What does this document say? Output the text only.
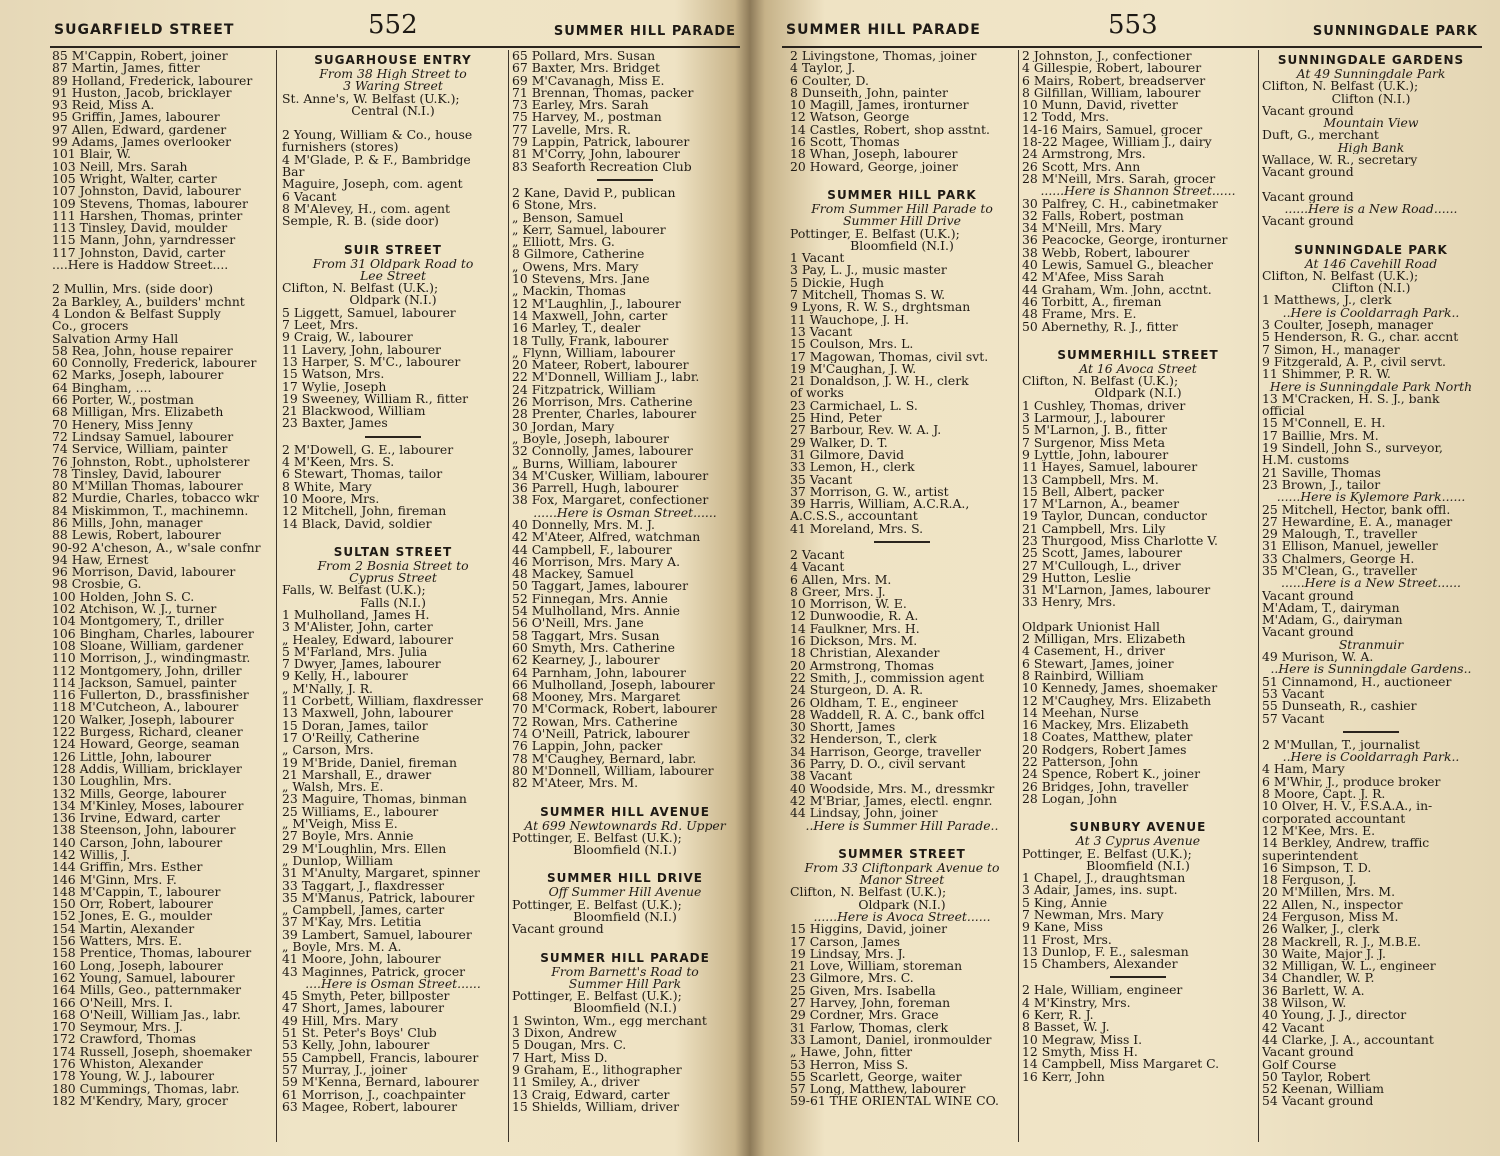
SUGARFIELD STREET	552	SUMMER HILL PARADE
85 M'Cappin, Robert, joiner
87 Martin, James, fitter
89 Holland, Frederick, labourer
91 Huston, Jacob, bricklayer
93 Reid, Miss A.
95 Griffin, James, labourer
97 Allen, Edward, gardener
99 Adams, James overlooker
101 Blair, W.
103 Neill, Mrs. Sarah
105 Wright, Walter, carter
107 Johnston, David, labourer
109 Stevens, Thomas, labourer
111 Harshen, Thomas, printer
113 Tinsley, David, moulder
115 Mann, John, yarndresser
117 Johnston, David, carter
....Here is Haddow Street....
2 Mullin, Mrs. (side door)
2a Barkley, A., builders' mchnt
4 London & Belfast Supply
Co., grocers
Salvation Army Hall
58 Rea, John, house repairer
60 Connolly, Frederick, labourer
62 Marks, Joseph, labourer
64 Bingham, ....
66 Porter, W., postman
68 Milligan, Mrs. Elizabeth
70 Henery, Miss Jenny
72 Lindsay Samuel, labourer
74 Service, William, painter
76 Johnston, Robt., upholsterer
78 Tinsley, David, labourer
80 M'Millan Thomas, labourer
82 Murdie, Charles, tobacco wkr
84 Miskimmon, T., machinemn.
86 Mills, John, manager
88 Lewis, Robert, labourer
90-92 A'cheson, A., w'sale confnr
94 Haw, Ernest
96 Morrison, David, labourer
98 Crosbie, G.
100 Holden, John S. C.
102 Atchison, W. J., turner
104 Montgomery, T., driller
106 Bingham, Charles, labourer
108 Sloane, William, gardener
110 Morrison, J., windingmastr.
112 Montgomery, John, driller
114 Jackson, Samuel, painter
116 Fullerton, D., brassfinisher
118 M'Cutcheon, A., labourer
120 Walker, Joseph, labourer
122 Burgess, Richard, cleaner
124 Howard, George, seaman
126 Little, John, labourer
128 Addis, William, bricklayer
130 Loughlin, Mrs.
132 Mills, George, labourer
134 M'Kinley, Moses, labourer
136 Irvine, Edward, carter
138 Steenson, John, labourer
140 Carson, John, labourer
142 Willis, J.
144 Griffin, Mrs. Esther
146 M'Ginn, Mrs. F.
148 M'Cappin, T., labourer
150 Orr, Robert, labourer
152 Jones, E. G., moulder
154 Martin, Alexander
156 Watters, Mrs. E.
158 Prentice, Thomas, labourer
160 Long, Joseph, labourer
162 Young, Samuel, labourer
164 Mills, Geo., patternmaker
166 O'Neill, Mrs. I.
168 O'Neill, William Jas., labr.
170 Seymour, Mrs. J.
172 Crawford, Thomas
174 Russell, Joseph, shoemaker
176 Whiston, Alexander
178 Young, W. J., labourer
180 Cummings, Thomas, labr.
182 M'Kendry, Mary, grocer
SUGARHOUSE ENTRY
From 38 High Street to
3 Waring Street
St. Anne's, W. Belfast (U.K.);
Central (N.I.)
2 Young, William & Co., house
furnishers (stores)
4 M'Glade, P. & F., Bambridge
Bar
Maguire, Joseph, com. agent
6 Vacant
8 M'Alevey, H., com. agent
Semple, R. B. (side door)
SUIR STREET
From 31 Oldpark Road to
Lee Street
Clifton, N. Belfast (U.K.);
Oldpark (N.I.)
5 Liggett, Samuel, labourer
7 Leet, Mrs.
9 Craig, W., labourer
11 Lavery, John, labourer
13 Harper, S. M'C., labourer
15 Watson, Mrs.
17 Wylie, Joseph
19 Sweeney, William R., fitter
21 Blackwood, William
23 Baxter, James
2 M'Dowell, G. E., labourer
4 M'Keen, Mrs. S.
6 Stewart, Thomas, tailor
8 White, Mary
10 Moore, Mrs.
12 Mitchell, John, fireman
14 Black, David, soldier
SULTAN STREET
From 2 Bosnia Street to
Cyprus Street
Falls, W. Belfast (U.K.);
Falls (N.I.)
1 Mulholland, James H.
3 M'Alister, John, carter
„ Healey, Edward, labourer
5 M'Farland, Mrs. Julia
7 Dwyer, James, labourer
9 Kelly, H., labourer
„ M'Nally, J. R.
11 Corbett, William, flaxdresser
13 Maxwell, John, labourer
15 Doran, James, tailor
17 O'Reilly, Catherine
„ Carson, Mrs.
19 M'Bride, Daniel, fireman
21 Marshall, E., drawer
„ Walsh, Mrs. E.
23 Maguire, Thomas, binman
25 Williams, E., labourer
„ M'Veigh, Miss E.
27 Boyle, Mrs. Annie
29 M'Loughlin, Mrs. Ellen
„ Dunlop, William
31 M'Anulty, Margaret, spinner
33 Taggart, J., flaxdresser
35 M'Manus, Patrick, labourer
„ Campbell, James, carter
37 M'Kay, Mrs. Letitia
39 Lambert, Samuel, labourer
„ Boyle, Mrs. M. A.
41 Moore, John, labourer
43 Maginnes, Patrick, grocer
....Here is Osman Street......
45 Smyth, Peter, billposter
47 Short, James, labourer
49 Hill, Mrs. Mary
51 St. Peter's Boys' Club
53 Kelly, John, labourer
55 Campbell, Francis, labourer
57 Murray, J., joiner
59 M'Kenna, Bernard, labourer
61 Morrison, J., coachpainter
63 Magee, Robert, labourer
65 Pollard, Mrs. Susan
67 Baxter, Mrs. Bridget
69 M'Cavanagh, Miss E.
71 Brennan, Thomas, packer
73 Earley, Mrs. Sarah
75 Harvey, M., postman
77 Lavelle, Mrs. R.
79 Lappin, Patrick, labourer
81 M'Corry, John, labourer
83 Seaforth Recreation Club
2 Kane, David P., publican
6 Stone, Mrs.
„ Benson, Samuel
„ Kerr, Samuel, labourer
„ Elliott, Mrs. G.
8 Gilmore, Catherine
„ Owens, Mrs. Mary
10 Stevens, Mrs. Jane
„ Mackin, Thomas
12 M'Laughlin, J., labourer
14 Maxwell, John, carter
16 Marley, T., dealer
18 Tully, Frank, labourer
„ Flynn, William, labourer
20 Mateer, Robert, labourer
22 M'Donnell, William J., labr.
24 Fitzpatrick, William
26 Morrison, Mrs. Catherine
28 Prenter, Charles, labourer
30 Jordan, Mary
„ Boyle, Joseph, labourer
32 Connolly, James, labourer
„ Burns, William, labourer
34 M'Cusker, William, labourer
36 Parrell, Hugh, labourer
38 Fox, Margaret, confectioner
......Here is Osman Street......
40 Donnelly, Mrs. M. J.
42 M'Ateer, Alfred, watchman
44 Campbell, F., labourer
46 Morrison, Mrs. Mary A.
48 Mackey, Samuel
50 Taggart, James, labourer
52 Finnegan, Mrs. Annie
54 Mulholland, Mrs. Annie
56 O'Neill, Mrs. Jane
58 Taggart, Mrs. Susan
60 Smyth, Mrs. Catherine
62 Kearney, J., labourer
64 Parnham, John, labourer
66 Mulholland, Joseph, labourer
68 Mooney, Mrs. Margaret
70 M'Cormack, Robert, labourer
72 Rowan, Mrs. Catherine
74 O'Neill, Patrick, labourer
76 Lappin, John, packer
78 M'Caughey, Bernard, labr.
80 M'Donnell, William, labourer
82 M'Ateer, Mrs. M.
SUMMER HILL AVENUE
At 699 Newtownards Rd. Upper
Pottinger, E. Belfast (U.K.);
Bloomfield (N.I.)
SUMMER HILL DRIVE
Off Summer Hill Avenue
Pottinger, E. Belfast (U.K.);
Bloomfield (N.I.)
Vacant ground
SUMMER HILL PARADE
From Barnett's Road to
Summer Hill Park
Pottinger, E. Belfast (U.K.);
Bloomfield (N.I.)
1 Swinton, Wm., egg merchant
3 Dixon, Andrew
5 Dougan, Mrs. C.
7 Hart, Miss D.
9 Graham, E., lithographer
11 Smiley, A., driver
13 Craig, Edward, carter
15 Shields, William, driver
SUMMER HILL PARADE	553	SUNNINGDALE PARK
2 Livingstone, Thomas, joiner
4 Taylor, J.
6 Coulter, D.
8 Dunseith, John, painter
10 Magill, James, ironturner
12 Watson, George
14 Castles, Robert, shop asstnt.
16 Scott, Thomas
18 Whan, Joseph, labourer
20 Howard, George, joiner
SUMMER HILL PARK
From Summer Hill Parade to
Summer Hill Drive
Pottinger, E. Belfast (U.K.);
Bloomfield (N.I.)
1 Vacant
3 Pay, L. J., music master
5 Dickie, Hugh
7 Mitchell, Thomas S. W.
9 Lyons, R. W. S., drghtsman
11 Wauchope, J. H.
13 Vacant
15 Coulson, Mrs. L.
17 Magowan, Thomas, civil svt.
19 M'Caughan, J. W.
21 Donaldson, J. W. H., clerk
of works
23 Carmichael, L. S.
25 Hind, Peter
27 Barbour, Rev. W. A. J.
29 Walker, D. T.
31 Gilmore, David
33 Lemon, H., clerk
35 Vacant
37 Morrison, G. W., artist
39 Harris, William, A.C.R.A.,
A.C.S.S., accountant
41 Moreland, Mrs. S.
2 Vacant
4 Vacant
6 Allen, Mrs. M.
8 Greer, Mrs. J.
10 Morrison, W. E.
12 Dunwoodie, R. A.
14 Faulkner, Mrs. H.
16 Dickson, Mrs. M.
18 Christian, Alexander
20 Armstrong, Thomas
22 Smith, J., commission agent
24 Sturgeon, D. A. R.
26 Oldham, T. E., engineer
28 Waddell, R. A. C., bank offcl
30 Shortt, James
32 Henderson, T., clerk
34 Harrison, George, traveller
36 Parry, D. O., civil servant
38 Vacant
40 Woodside, Mrs. M., dressmkr
42 M'Briar, James, electl. engnr.
44 Lindsay, John, joiner
..Here is Summer Hill Parade..
SUMMER STREET
From 33 Cliftonpark Avenue to
Manor Street
Clifton, N. Belfast (U.K.);
Oldpark (N.I.)
......Here is Avoca Street......
15 Higgins, David, joiner
17 Carson, James
19 Lindsay, Mrs. J.
21 Love, William, storeman
23 Gilmore, Mrs. C.
25 Given, Mrs. Isabella
27 Harvey, John, foreman
29 Cordner, Mrs. Grace
31 Farlow, Thomas, clerk
33 Lamont, Daniel, ironmoulder
„ Hawe, John, fitter
53 Herron, Miss S.
55 Scarlett, George, waiter
57 Long, Matthew, labourer
59-61 THE ORIENTAL WINE CO.
2 Johnston, J., confectioner
4 Gillespie, Robert, labourer
6 Mairs, Robert, breadserver
8 Gilfillan, William, labourer
10 Munn, David, rivetter
12 Todd, Mrs.
14-16 Mairs, Samuel, grocer
18-22 Magee, William J., dairy
24 Armstrong, Mrs.
26 Scott, Mrs. Ann
28 M'Neill, Mrs. Sarah, grocer
......Here is Shannon Street......
30 Palfrey, C. H., cabinetmaker
32 Falls, Robert, postman
34 M'Neill, Mrs. Mary
36 Peacocke, George, ironturner
38 Webb, Robert, labourer
40 Lewis, Samuel G., bleacher
42 M'Afee, Miss Sarah
44 Graham, Wm. John, acctnt.
46 Torbitt, A., fireman
48 Frame, Mrs. E.
50 Abernethy, R. J., fitter
SUMMERHILL STREET
At 16 Avoca Street
Clifton, N. Belfast (U.K.);
Oldpark (N.I.)
1 Cushley, Thomas, driver
3 Larmour, J., labourer
5 M'Larnon, J. B., fitter
7 Surgenor, Miss Meta
9 Lyttle, John, labourer
11 Hayes, Samuel, labourer
13 Campbell, Mrs. M.
15 Bell, Albert, packer
17 M'Larnon, A., beamer
19 Taylor, Duncan, conductor
21 Campbell, Mrs. Lily
23 Thurgood, Miss Charlotte V.
25 Scott, James, labourer
27 M'Cullough, L., driver
29 Hutton, Leslie
31 M'Larnon, James, labourer
33 Henry, Mrs.
Oldpark Unionist Hall
2 Milligan, Mrs. Elizabeth
4 Casement, H., driver
6 Stewart, James, joiner
8 Rainbird, William
10 Kennedy, James, shoemaker
12 M'Caughey, Mrs. Elizabeth
14 Meehan, Nurse
16 Mackey, Mrs. Elizabeth
18 Coates, Matthew, plater
20 Rodgers, Robert James
22 Patterson, John
24 Spence, Robert K., joiner
26 Bridges, John, traveller
28 Logan, John
SUNBURY AVENUE
At 3 Cyprus Avenue
Pottinger, E. Belfast (U.K.);
Bloomfield (N.I.)
1 Chapel, J., draughtsman
3 Adair, James, ins. supt.
5 King, Annie
7 Newman, Mrs. Mary
9 Kane, Miss
11 Frost, Mrs.
13 Dunlop, F. E., salesman
15 Chambers, Alexander
2 Hale, William, engineer
4 M'Kinstry, Mrs.
6 Kerr, R. J.
8 Basset, W. J.
10 Megraw, Miss I.
12 Smyth, Miss H.
14 Campbell, Miss Margaret C.
16 Kerr, John
SUNNINGDALE GARDENS
At 49 Sunningdale Park
Clifton, N. Belfast (U.K.);
Clifton (N.I.)
Vacant ground
Mountain View
Duft, G., merchant
High Bank
Wallace, W. R., secretary
Vacant ground
Vacant ground
......Here is a New Road......
Vacant ground
SUNNINGDALE PARK
At 146 Cavehill Road
Clifton, N. Belfast (U.K.);
Clifton (N.I.)
1 Matthews, J., clerk
..Here is Cooldarragh Park..
3 Coulter, Joseph, manager
5 Henderson, R. G., char. accnt
7 Simon, H., manager
9 Fitzgerald, A. P., civil servt.
11 Shimmer, P. R. W.
Here is Sunningdale Park North
13 M'Cracken, H. S. J., bank
official
15 M'Connell, E. H.
17 Baillie, Mrs. M.
19 Sindell, John S., surveyor,
H.M. customs
21 Saville, Thomas
23 Brown, J., tailor
......Here is Kylemore Park......
25 Mitchell, Hector, bank offl.
27 Hewardine, E. A., manager
29 Malough, T., traveller
31 Ellison, Manuel, jeweller
33 Chalmers, George H.
35 M'Clean, G., traveller
......Here is a New Street......
Vacant ground
M'Adam, T., dairyman
M'Adam, G., dairyman
Vacant ground
Stranmuir
49 Murison, W. A.
..Here is Sunningdale Gardens..
51 Cinnamond, H., auctioneer
53 Vacant
55 Dunseath, R., cashier
57 Vacant
2 M'Mullan, T., journalist
..Here is Cooldarragh Park..
4 Ham, Mary
6 M'Whir, J., produce broker
8 Moore, Capt. J. R.
10 Olver, H. V., F.S.A.A., in-
corporated accountant
12 M'Kee, Mrs. E.
14 Berkley, Andrew, traffic
superintendent
16 Simpson, T. D.
18 Ferguson, J.
20 M'Millen, Mrs. M.
22 Allen, N., inspector
24 Ferguson, Miss M.
26 Walker, J., clerk
28 Mackrell, R. J., M.B.E.
30 Waite, Major J. J.
32 Milligan, W. L., engineer
34 Chandler, W. P.
36 Barlett, W. A.
38 Wilson, W.
40 Young, J. J., director
42 Vacant
44 Clarke, J. A., accountant
Vacant ground
Golf Course
50 Taylor, Robert
52 Keenan, William
54 Vacant ground
